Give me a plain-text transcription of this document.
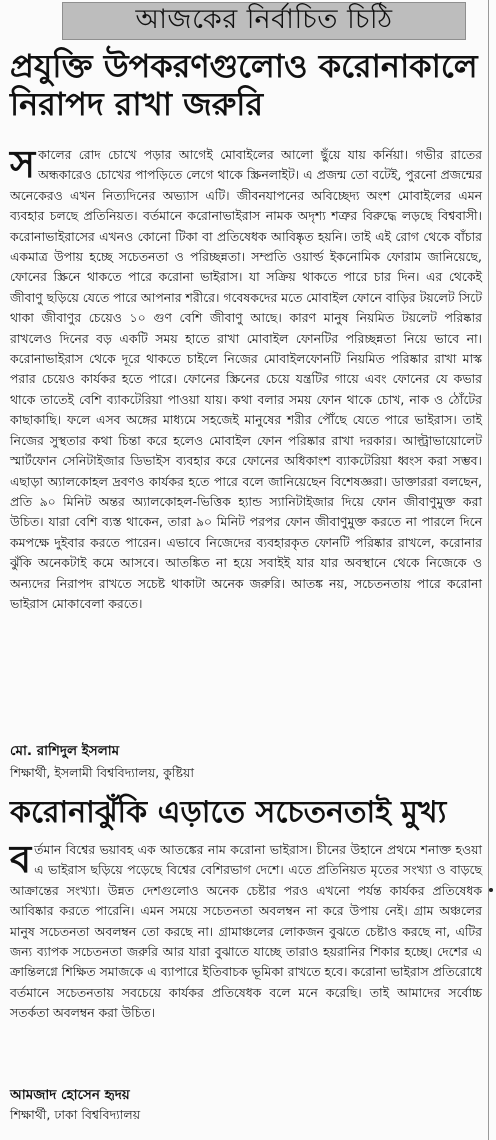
আজকের নির্বাচিত চিঠি
প্রযুক্তি উপকরণগুলোও করোনাকালে নিরাপদ রাখা জরুরি
স কালের রোদ চোখে পড়ার আগেই মোবাইলের আলো ছুঁয়ে যায় কর্নিয়া। গভীর রাতের অন্ধকারেও চোখের পাপড়িতে লেগে থাকে স্ক্রিনলাইট। এ প্রজন্ম তো বটেই, পুরনো প্রজন্মের অনেকেরও এখন নিত্যদিনের অভ্যাস এটি। জীবনযাপনের অবিচ্ছেদ্য অংশ মোবাইলের এমন ব্যবহার চলছে প্রতিনিয়ত। বর্তমানে করোনাভাইরাস নামক অদৃশ্য শত্রুর বিরুদ্ধে লড়ছে বিশ্ববাসী। করোনাভাইরাসের এখনও কোনো টিকা বা প্রতিষেধক আবিষ্কৃত হয়নি। তাই এই রোগ থেকে বাঁচার একমাত্র উপায় হচ্ছে সচেতনতা ও পরিচ্ছন্নতা। সম্প্রতি ওয়ার্ল্ড ইকনোমিক ফোরাম জানিয়েছে, ফোনের স্ক্রিনে থাকতে পারে করোনা ভাইরাস। যা সক্রিয় থাকতে পারে চার দিন। এর থেকেই জীবাণু ছড়িয়ে যেতে পারে আপনার শরীরে। গবেষকদের মতে মোবাইল ফোনে বাড়ির টয়লেট সিটে থাকা জীবাণুর চেয়েও ১০ গুণ বেশি জীবাণু আছে। কারণ মানুষ নিয়মিত টয়লেট পরিষ্কার রাখলেও দিনের বড় একটি সময় হাতে রাখা মোবাইল ফোনটির পরিচ্ছন্নতা নিয়ে ভাবে না। করোনাভাইরাস থেকে দূরে থাকতে চাইলে নিজের মোবাইলফোনটি নিয়মিত পরিষ্কার রাখা মাস্ক পরার চেয়েও কার্যকর হতে পারে। ফোনের স্ক্রিনের চেয়ে যন্ত্রটির গায়ে এবং ফোনের যে কভার থাকে তাতেই বেশি ব্যাকটেরিয়া পাওয়া যায়। কথা বলার সময় ফোন থাকে চোখ, নাক ও ঠোঁটের কাছাকাছি। ফলে এসব অঙ্গের মাধ্যমে সহজেই মানুষের শরীর পৌঁছে যেতে পারে ভাইরাস। তাই নিজের সুস্থতার কথা চিন্তা করে হলেও মোবাইল ফোন পরিষ্কার রাখা দরকার। আল্ট্রাভায়োলেট স্মার্টফোন সেনিটাইজার ডিভাইস ব্যবহার করে ফোনের অধিকাংশ ব্যাকটেরিয়া ধ্বংস করা সম্ভব। এছাড়া অ্যালকোহল দ্রবণও কার্যকর হতে পারে বলে জানিয়েছেন বিশেষজ্ঞরা। ডাক্তাররা বলছেন, প্রতি ৯০ মিনিট অন্তর অ্যালকোহল-ভিত্তিক হ্যান্ড স্যানিটাইজার দিয়ে ফোন জীবাণুমুক্ত করা উচিত। যারা বেশি ব্যস্ত থাকেন, তারা ৯০ মিনিট পরপর ফোন জীবাণুমুক্ত করতে না পারলে দিনে কমপক্ষে দুইবার করতে পারেন। এভাবে নিজেদের ব্যবহারকৃত ফোনটি পরিষ্কার রাখলে, করোনার ঝুঁকি অনেকটাই কমে আসবে। আতঙ্কিত না হয়ে সবাইই যার যার অবস্থানে থেকে নিজেকে ও অন্যদের নিরাপদ রাখতে সচেষ্ট থাকাটা অনেক জরুরি। আতঙ্ক নয়, সচেতনতায় পারে করোনা ভাইরাস মোকাবেলা করতে।
মো. রাশিদুল ইসলাম
শিক্ষার্থী, ইসলামী বিশ্ববিদ্যালয়, কুষ্টিয়া
করোনাঝুঁকি এড়াতে সচেতনতাই মুখ্য
ব র্তমান বিশ্বের ভয়াবহ এক আতঙ্কের নাম করোনা ভাইরাস। চীনের উহানে প্রথমে শনাক্ত হওয়া এ ভাইরাস ছড়িয়ে পড়েছে বিশ্বের বেশিরভাগ দেশে। এতে প্রতিনিয়ত মৃতের সংখ্যা ও বাড়ছে আক্রান্তের সংখ্যা। উন্নত দেশগুলোও অনেক চেষ্টার পরও এখনো পর্যন্ত কার্যকর প্রতিষেধক আবিষ্কার করতে পারেনি। এমন সময়ে সচেতনতা অবলম্বন না করে উপায় নেই। গ্রাম অঞ্চলের মানুষ সচেতনতা অবলম্বন তো করছে না। গ্রামাঞ্চলের লোকজন বুঝতে চেষ্টাও করছে না, এটির জন্য ব্যাপক সচেতনতা জরুরি আর যারা বুঝাতে যাচ্ছে তারাও হয়রানির শিকার হচ্ছে। দেশের এ ক্রান্তিলগ্নে শিক্ষিত সমাজকে এ ব্যাপারে ইতিবাচক ভূমিকা রাখতে হবে। করোনা ভাইরাস প্রতিরোধে বর্তমানে সচেতনতায় সবচেয়ে কার্যকর প্রতিষেধক বলে মনে করেছি। তাই আমাদের সর্বোচ্চ সতর্কতা অবলম্বন করা উচিত।
আমজাদ হোসেন হৃদয়
শিক্ষার্থী, ঢাকা বিশ্ববিদ্যালয়
